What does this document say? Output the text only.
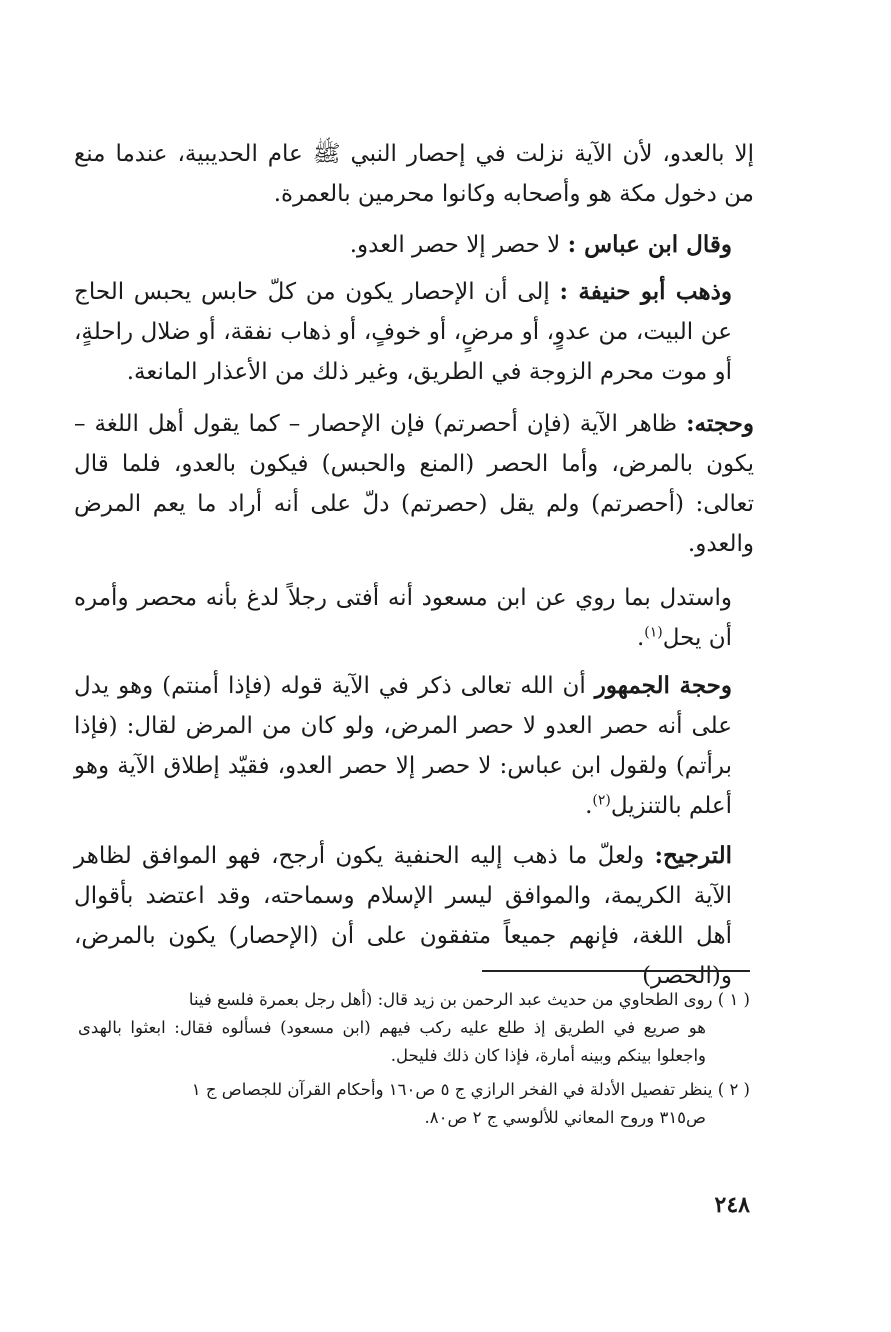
إلا بالعدو، لأن الآية نزلت في إحصار النبي ﷺ عام الحديبية، عندما منع من دخول مكة هو وأصحابه وكانوا محرمين بالعمرة.

وقال ابن عباس : لا حصر إلا حصر العدو.

وذهب أبو حنيفة : إلى أن الإحصار يكون من كلّ حابس يحبس الحاج عن البيت، من عدوٍ، أو مرضٍ، أو خوفٍ، أو ذهاب نفقة، أو ضلال راحلةٍ، أو موت محرم الزوجة في الطريق، وغير ذلك من الأعذار المانعة.

وحجته: ظاهر الآية (فإن أحصرتم) فإن الإحصار – كما يقول أهل اللغة – يكون بالمرض، وأما الحصر (المنع والحبس) فيكون بالعدو، فلما قال تعالى: (أحصرتم) ولم يقل (حصرتم) دلّ على أنه أراد ما يعم المرض والعدو.

واستدل بما روي عن ابن مسعود أنه أفتى رجلاً لدغ بأنه محصر وأمره أن يحل$^{(١)}$.

وحجة الجمهور أن الله تعالى ذكر في الآية قوله (فإذا أمنتم) وهو يدل على أنه حصر العدو لا حصر المرض، ولو كان من المرض لقال: (فإذا برأتم) ولقول ابن عباس: لا حصر إلا حصر العدو، فقيّد إطلاق الآية وهو أعلم بالتنزيل$^{(٢)}$.

الترجيح: ولعلّ ما ذهب إليه الحنفية يكون أرجح، فهو الموافق لظاهر الآية الكريمة، والموافق ليسر الإسلام وسماحته، وقد اعتضد بأقوال أهل اللغة، فإنهم جميعاً متفقون على أن (الإحصار) يكون بالمرض، و(الحصر)

( ١ ) روى الطحاوي من حديث عبد الرحمن بن زيد قال: (أهل رجل بعمرة فلسع فينا
هو صريع في الطريق إذ طلع عليه ركب فيهم (ابن مسعود) فسألوه فقال: ابعثوا بالهدى واجعلوا بينكم وبينه أمارة، فإذا كان ذلك فليحل.

( ٢ ) ينظر تفصيل الأدلة في الفخر الرازي ج ٥ ص١٦٠ وأحكام القرآن للجصاص ج ١
ص٣١٥ وروح المعاني للألوسي ج ٢ ص٨٠.

٢٤٨
